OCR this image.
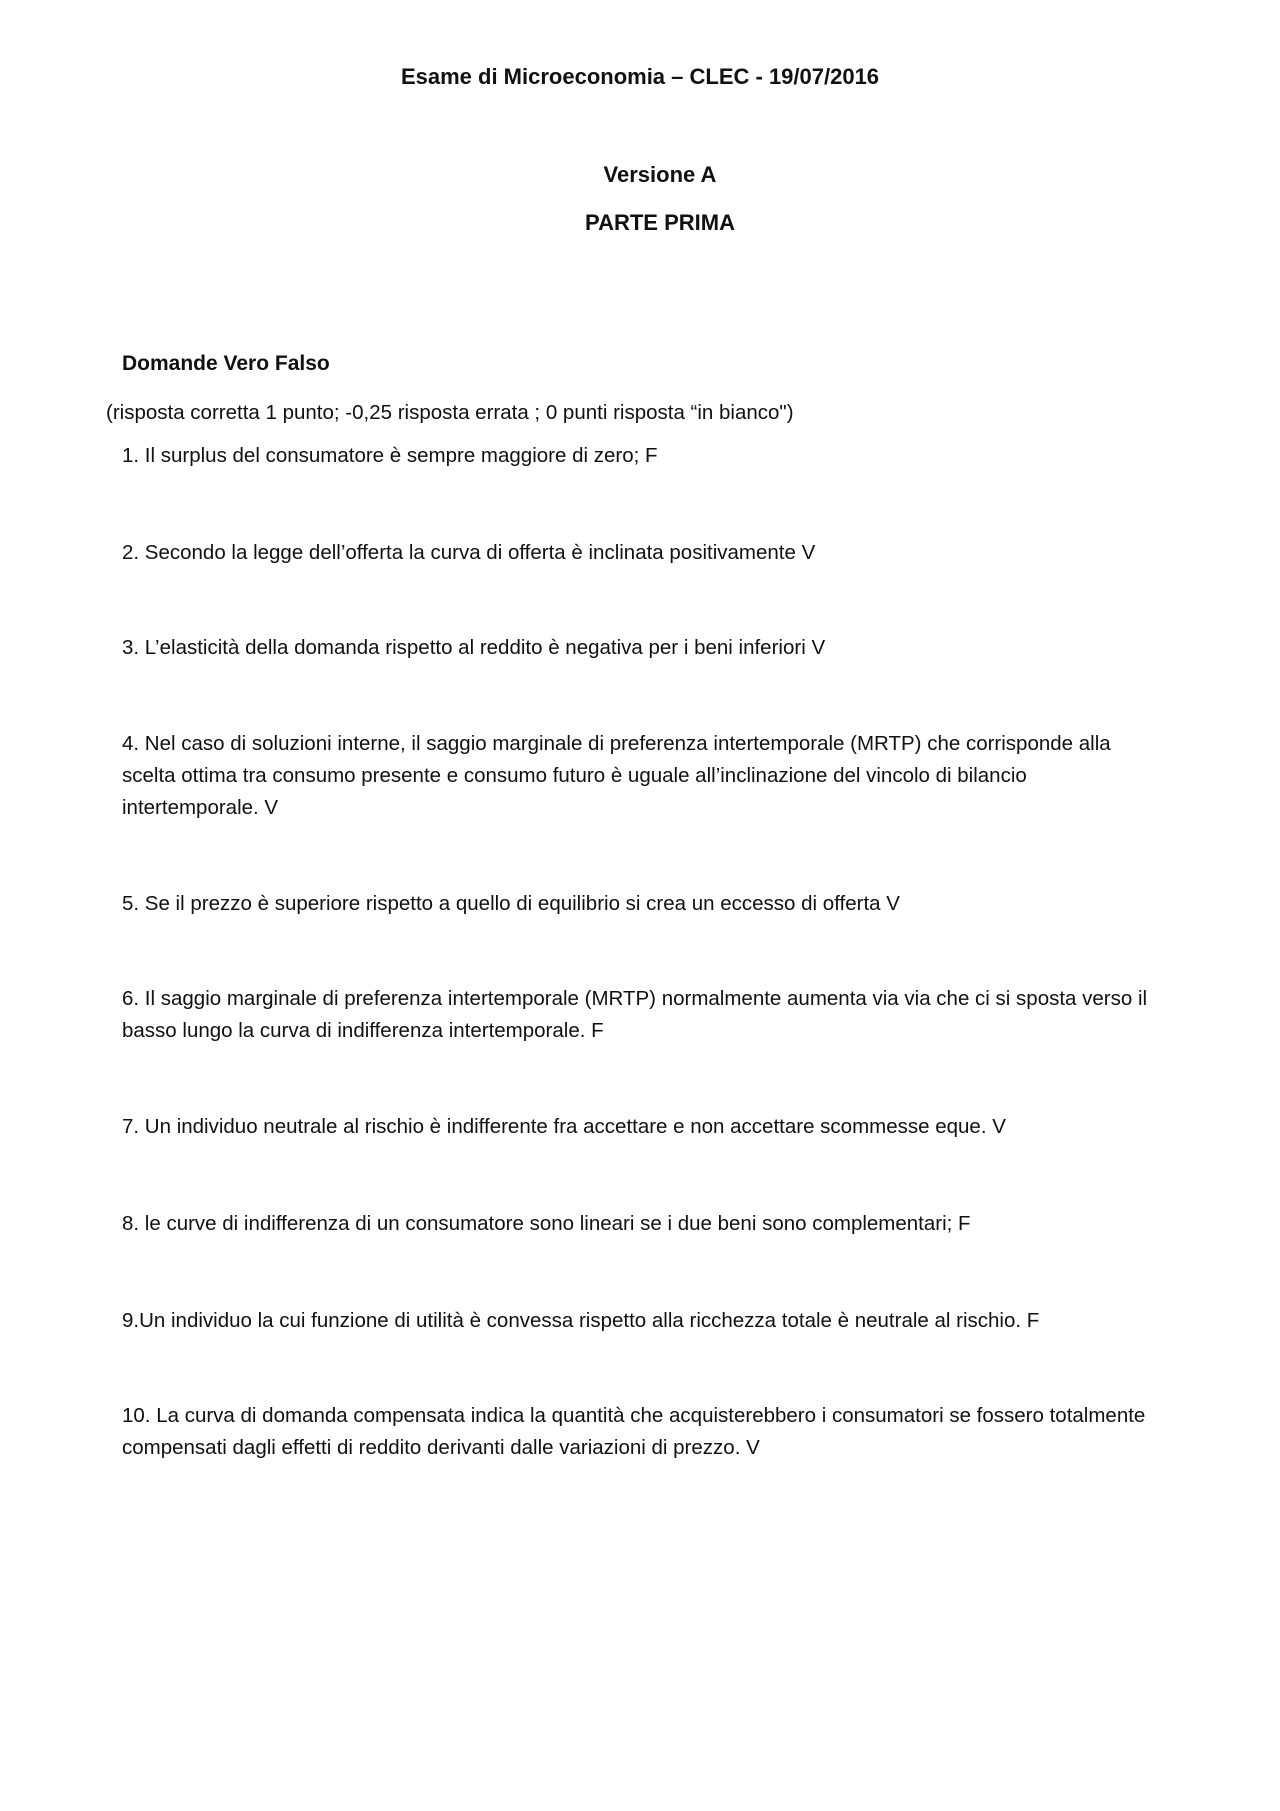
Esame di Microeconomia – CLEC - 19/07/2016

Versione A

PARTE PRIMA

Domande Vero Falso

(risposta corretta 1 punto; -0,25 risposta errata ; 0 punti risposta “in bianco")

1. Il surplus del consumatore è sempre maggiore di zero; F

2. Secondo la legge dell’offerta la curva di offerta è inclinata positivamente V

3. L’elasticità della domanda rispetto al reddito è negativa per i beni inferiori V

4. Nel caso di soluzioni interne, il saggio marginale di preferenza intertemporale (MRTP) che corrisponde alla scelta ottima tra consumo presente e consumo futuro è uguale all’inclinazione del vincolo di bilancio intertemporale. V

5. Se il prezzo è superiore rispetto a quello di equilibrio si crea un eccesso di offerta V

6. Il saggio marginale di preferenza intertemporale (MRTP) normalmente aumenta via via che ci si sposta verso il basso lungo la curva di indifferenza intertemporale. F

7. Un individuo neutrale al rischio è indifferente fra accettare e non accettare scommesse eque. V

8. le curve di indifferenza di un consumatore sono lineari se i due beni sono complementari; F

9.Un individuo la cui funzione di utilità è convessa rispetto alla ricchezza totale è neutrale al rischio. F

10. La curva di domanda compensata indica la quantità che acquisterebbero i consumatori se fossero totalmente compensati dagli effetti di reddito derivanti dalle variazioni di prezzo. V
